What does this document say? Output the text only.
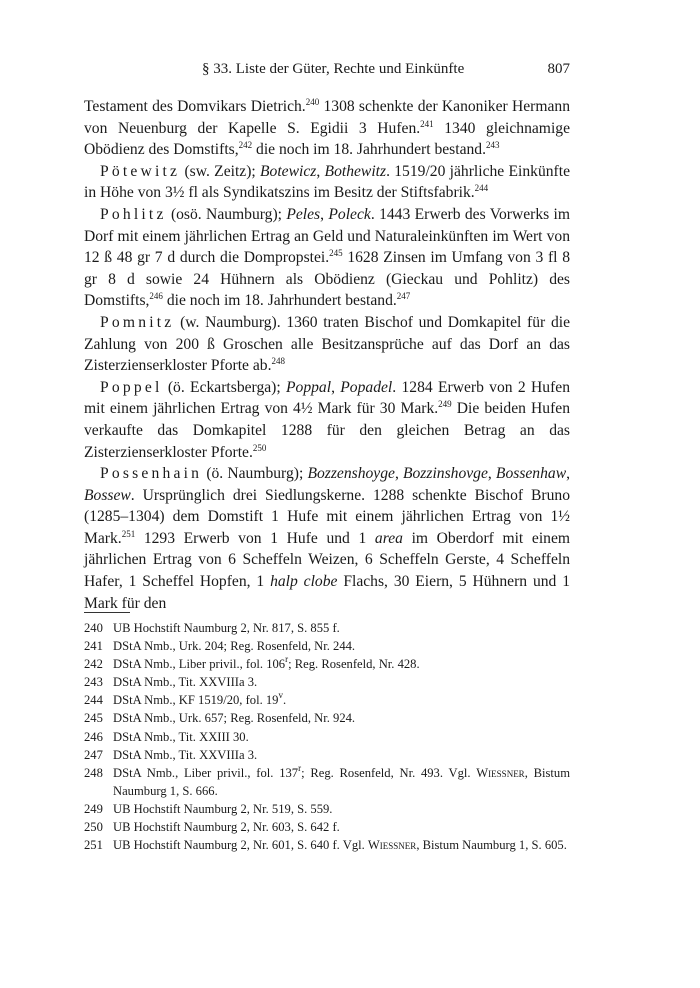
§ 33. Liste der Güter, Rechte und Einkünfte	807

Testament des Domvikars Dietrich.$^{240}$ 1308 schenkte der Kanoniker Hermann von Neuenburg der Kapelle S. Egidii 3 Hufen.$^{241}$ 1340 gleichnamige Obödienz des Domstifts,$^{242}$ die noch im 18. Jahrhundert bestand.$^{243}$

Pötewitz (sw. Zeitz); Botewicz, Bothewitz. 1519/20 jährliche Einkünfte in Höhe von 3½ fl als Syndikatszins im Besitz der Stiftsfabrik.$^{244}$

Pohlitz (osö. Naumburg); Peles, Poleck. 1443 Erwerb des Vorwerks im Dorf mit einem jährlichen Ertrag an Geld und Naturaleinkünften im Wert von 12 ß 48 gr 7 d durch die Dompropstei.$^{245}$ 1628 Zinsen im Umfang von 3 fl 8 gr 8 d sowie 24 Hühnern als Obödienz (Gieckau und Pohlitz) des Domstifts,$^{246}$ die noch im 18. Jahrhundert bestand.$^{247}$

Pomnitz (w. Naumburg). 1360 traten Bischof und Domkapitel für die Zahlung von 200 ß Groschen alle Besitzansprüche auf das Dorf an das Zisterzienserkloster Pforte ab.$^{248}$

Poppel (ö. Eckartsberga); Poppal, Popadel. 1284 Erwerb von 2 Hufen mit einem jährlichen Ertrag von 4½ Mark für 30 Mark.$^{249}$ Die beiden Hufen verkaufte das Domkapitel 1288 für den gleichen Betrag an das Zisterzienserkloster Pforte.$^{250}$

Possenhain (ö. Naumburg); Bozzenshoyge, Bozzinshovge, Bossenhaw, Bossew. Ursprünglich drei Siedlungskerne. 1288 schenkte Bischof Bruno (1285–1304) dem Domstift 1 Hufe mit einem jährlichen Ertrag von 1½ Mark.$^{251}$ 1293 Erwerb von 1 Hufe und 1 area im Oberdorf mit einem jährlichen Ertrag von 6 Scheffeln Weizen, 6 Scheffeln Gerste, 4 Scheffeln Hafer, 1 Scheffel Hopfen, 1 halp clobe Flachs, 30 Eiern, 5 Hühnern und 1 Mark für den

240 UB Hochstift Naumburg 2, Nr. 817, S. 855 f.
241 DStA Nmb., Urk. 204; Reg. Rosenfeld, Nr. 244.
242 DStA Nmb., Liber privil., fol. 106$^r$; Reg. Rosenfeld, Nr. 428.
243 DStA Nmb., Tit. XXVIIIa 3.
244 DStA Nmb., KF 1519/20, fol. 19$^v$.
245 DStA Nmb., Urk. 657; Reg. Rosenfeld, Nr. 924.
246 DStA Nmb., Tit. XXIII 30.
247 DStA Nmb., Tit. XXVIIIa 3.
248 DStA Nmb., Liber privil., fol. 137$^r$; Reg. Rosenfeld, Nr. 493. Vgl. Wiessner, Bistum Naumburg 1, S. 666.
249 UB Hochstift Naumburg 2, Nr. 519, S. 559.
250 UB Hochstift Naumburg 2, Nr. 603, S. 642 f.
251 UB Hochstift Naumburg 2, Nr. 601, S. 640 f. Vgl. Wiessner, Bistum Naumburg 1, S. 605.
